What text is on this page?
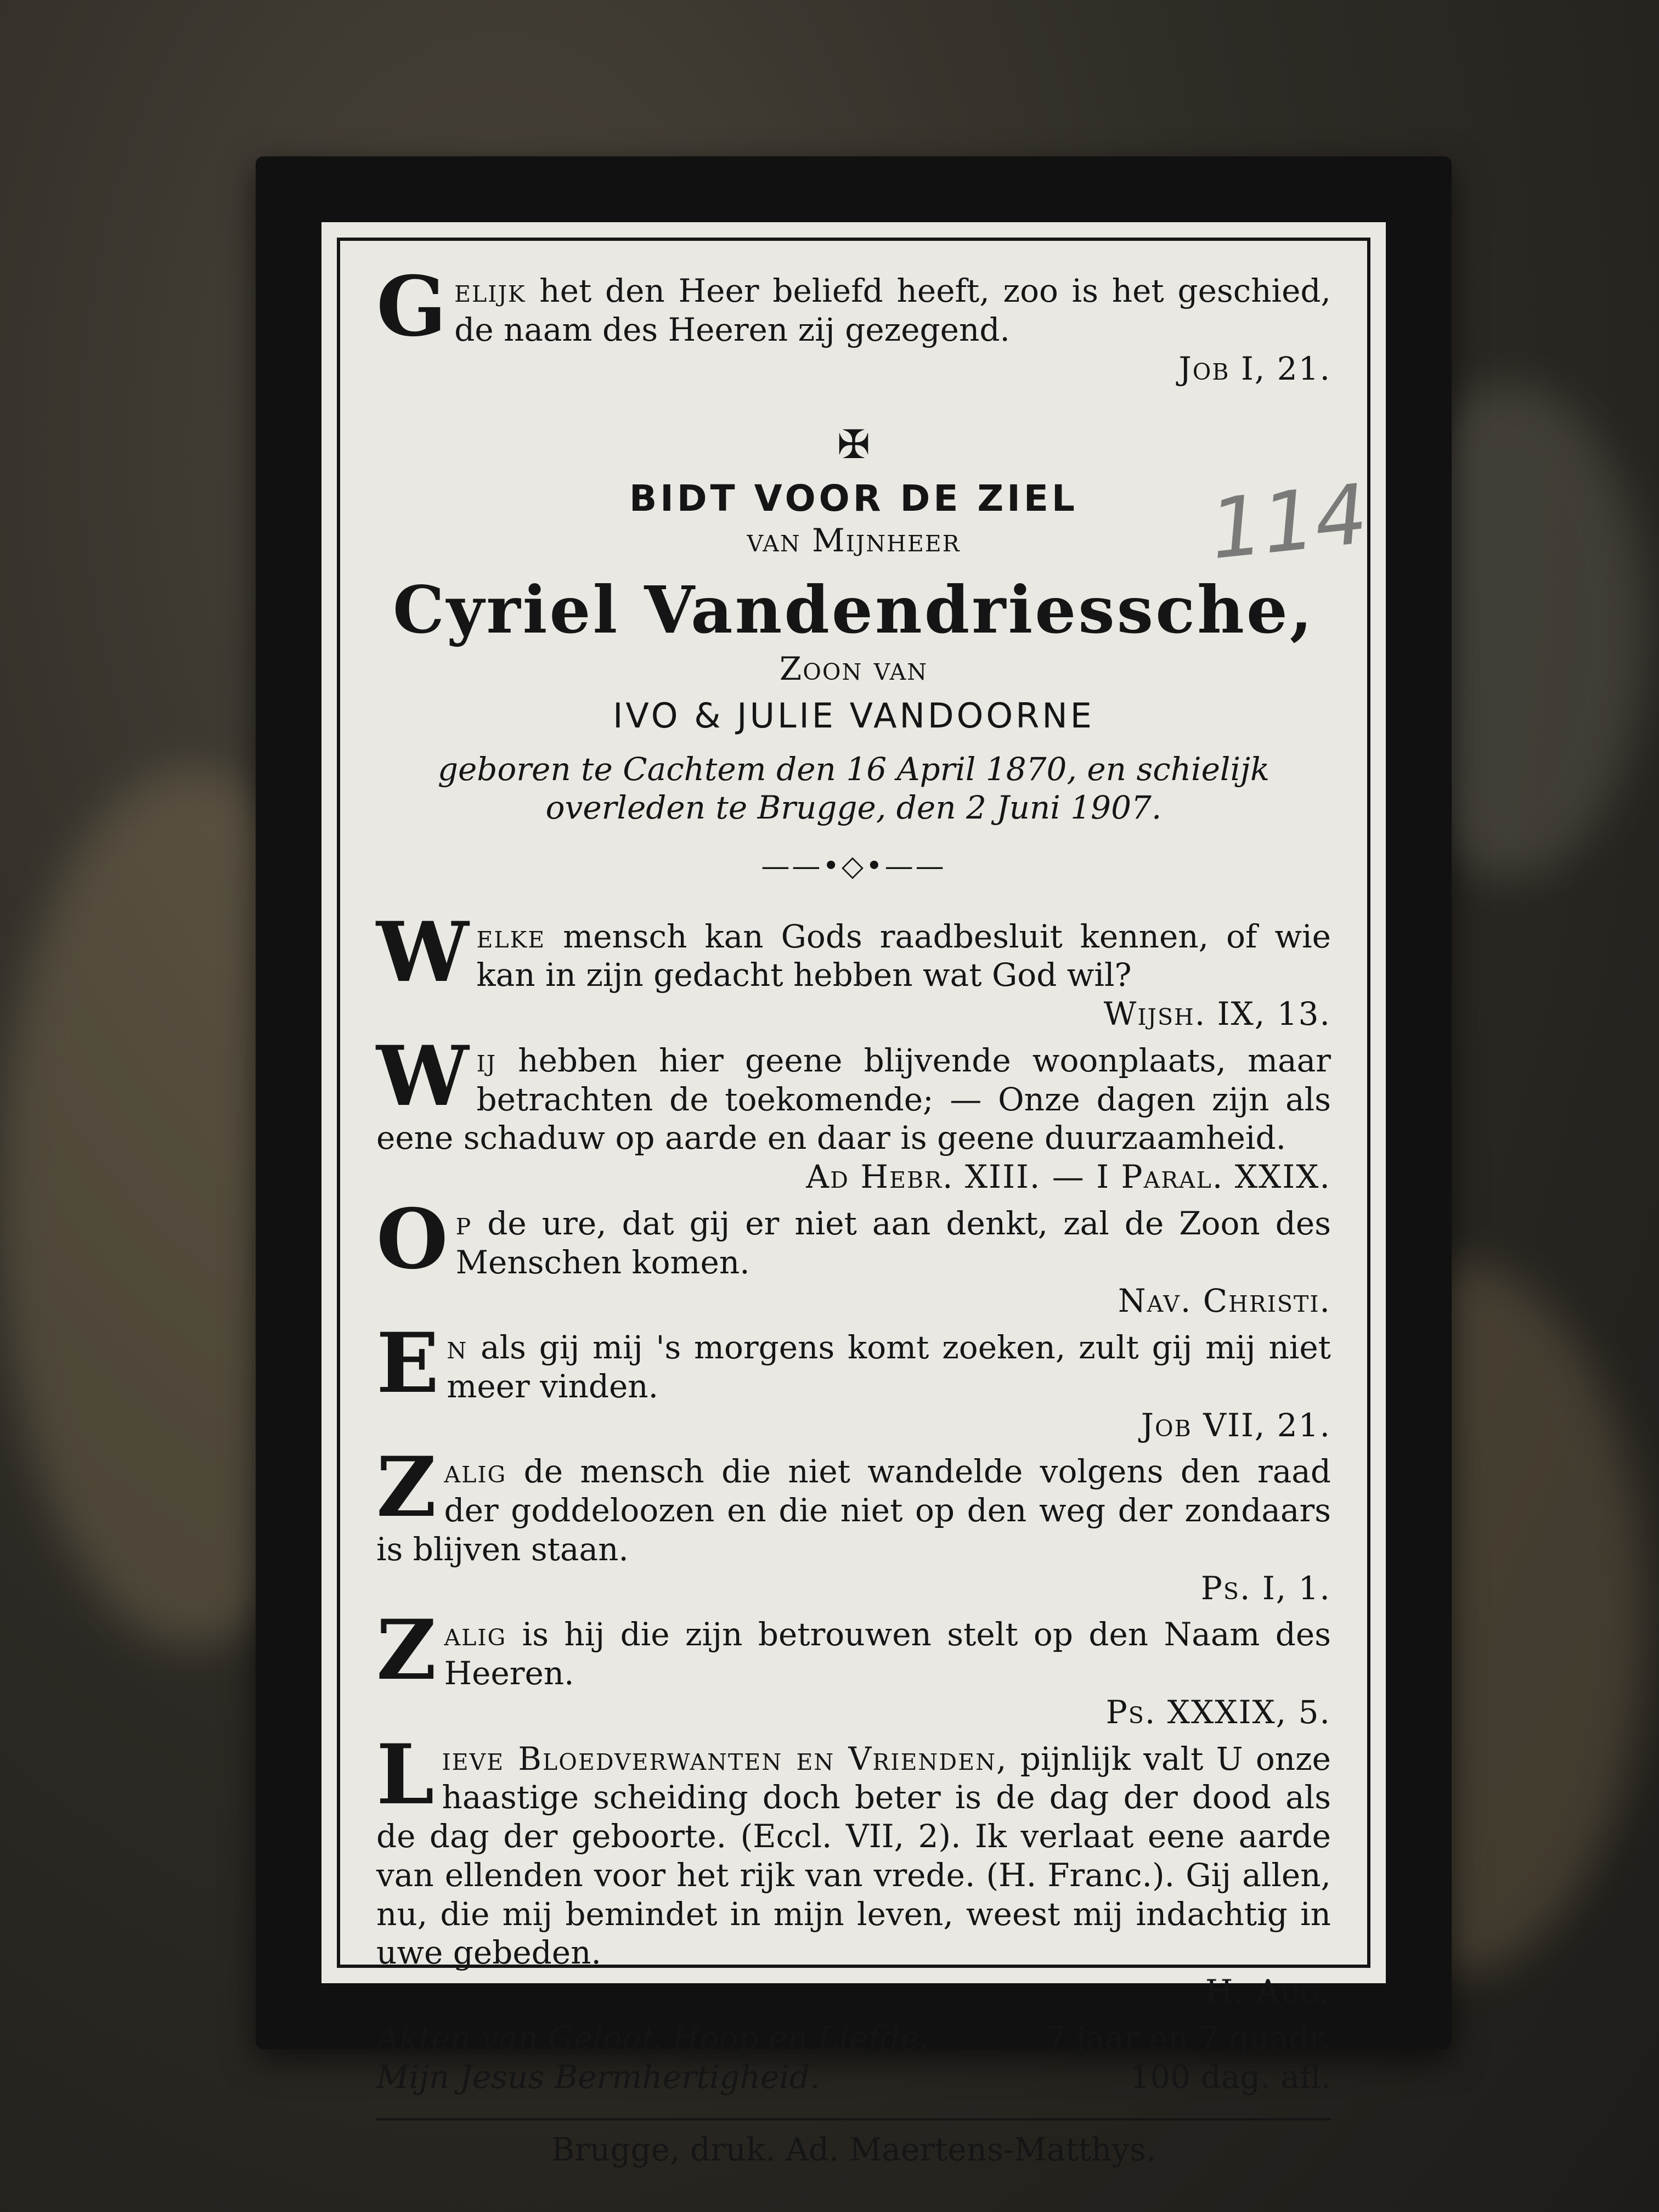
114

Gelijk het den Heer beliefd heeft, zoo is het geschied, de naam des Heeren zij gezegend.

Job I, 21.

✠

BIDT VOOR DE ZIEL

van Mijnheer

Cyriel Vandendriessche,

Zoon van

IVO & JULIE VANDOORNE

geboren te Cachtem den 16 April 1870, en schielijk overleden te Brugge, den 2 Juni 1907.

——•◇•——

Welke mensch kan Gods raadbesluit kennen, of wie kan in zijn gedacht hebben wat God wil?

Wijsh. IX, 13.

Wij hebben hier geene blijvende woonplaats, maar betrachten de toekomende; — Onze dagen zijn als eene schaduw op aarde en daar is geene duurzaamheid.

Ad Hebr. XIII. — I Paral. XXIX.

Op de ure, dat gij er niet aan denkt, zal de Zoon des Menschen komen.

Nav. Christi.

En als gij mij 's morgens komt zoeken, zult gij mij niet meer vinden.

Job VII, 21.

Zalig de mensch die niet wandelde volgens den raad der goddeloozen en die niet op den weg der zondaars is blijven staan.

Ps. I, 1.

Zalig is hij die zijn betrouwen stelt op den Naam des Heeren.

Ps. XXXIX, 5.

Lieve Bloedverwanten en Vrienden, pijnlijk valt U onze haastige scheiding doch beter is de dag der dood als de dag der geboorte. (Eccl. VII, 2). Ik verlaat eene aarde van ellenden voor het rijk van vrede. (H. Franc.). Gij allen, nu, die mij bemindet in mijn leven, weest mij indachtig in uwe gebeden.

H. Aug.

Akten van Geloof, Hoop en Liefde.	7 jaar en 7 quadr.
Mijn Jesus Bermhertigheid.	100 dag. afl.

Brugge, druk. Ad. Maertens-Matthys.
